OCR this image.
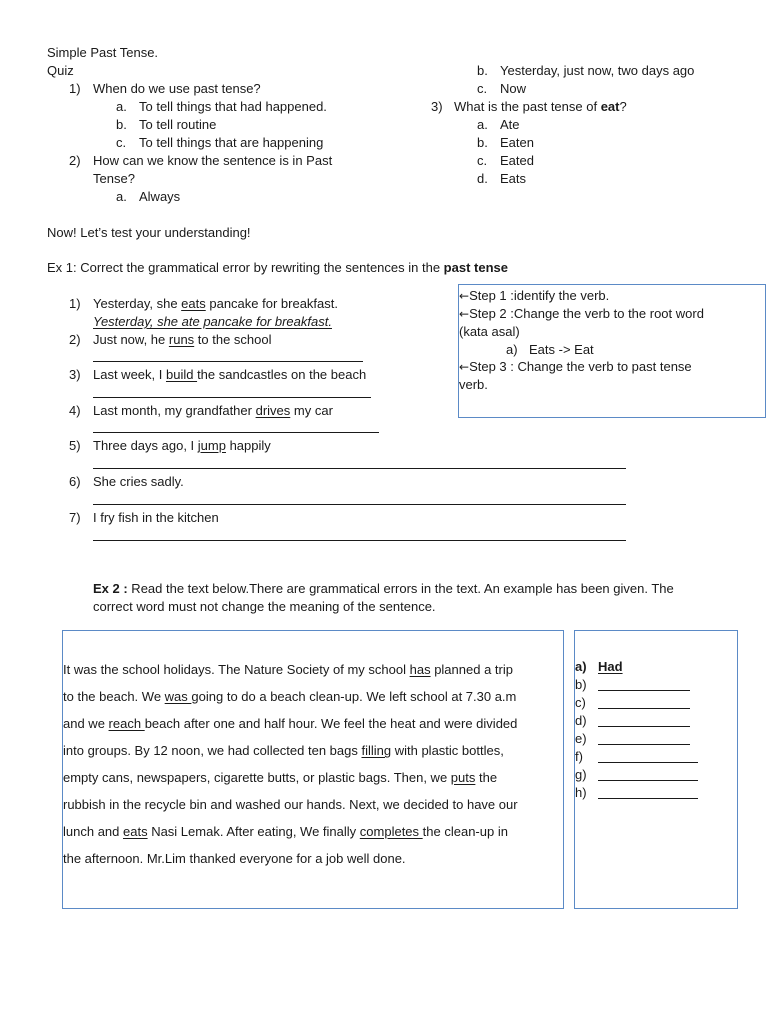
Simple Past Tense.
Quiz
1) When do we use past tense?
a. To tell things that had happened.
b. To tell routine
c. To tell things that are happening
2) How can we know the sentence is in Past
Tense?
a. Always
b. Yesterday, just now, two days ago
c. Now
3) What is the past tense of eat?
a. Ate
b. Eaten
c. Eated
d. Eats
Now! Let’s test your understanding!
Ex 1: Correct the grammatical error by rewriting the sentences in the past tense
1) Yesterday, she eats pancake for breakfast.
Yesterday, she ate pancake for breakfast.
2) Just now, he runs to the school
3) Last week, I build the sandcastles on the beach
4) Last month, my grandfather drives my car
5) Three days ago, I jump happily
6) She cries sadly.
7) I fry fish in the kitchen
←Step 1 :identify the verb.
←Step 2 :Change the verb to the root word
(kata asal)
a) Eats -> Eat
←Step 3 : Change the verb to past tense
verb.
Ex 2 : Read the text below.There are grammatical errors in the text. An example has been given. The
correct word must not change the meaning of the sentence.
It was the school holidays. The Nature Society of my school has planned a trip
to the beach. We was going to do a beach clean-up. We left school at 7.30 a.m
and we reach beach after one and half hour. We feel the heat and were divided
into groups. By 12 noon, we had collected ten bags filling with plastic bottles,
empty cans, newspapers, cigarette butts, or plastic bags. Then, we puts the
rubbish in the recycle bin and washed our hands. Next, we decided to have our
lunch and eats Nasi Lemak. After eating, We finally completes the clean-up in
the afternoon. Mr.Lim thanked everyone for a job well done.
a) Had
b)
c)
d)
e)
f)
g)
h)
